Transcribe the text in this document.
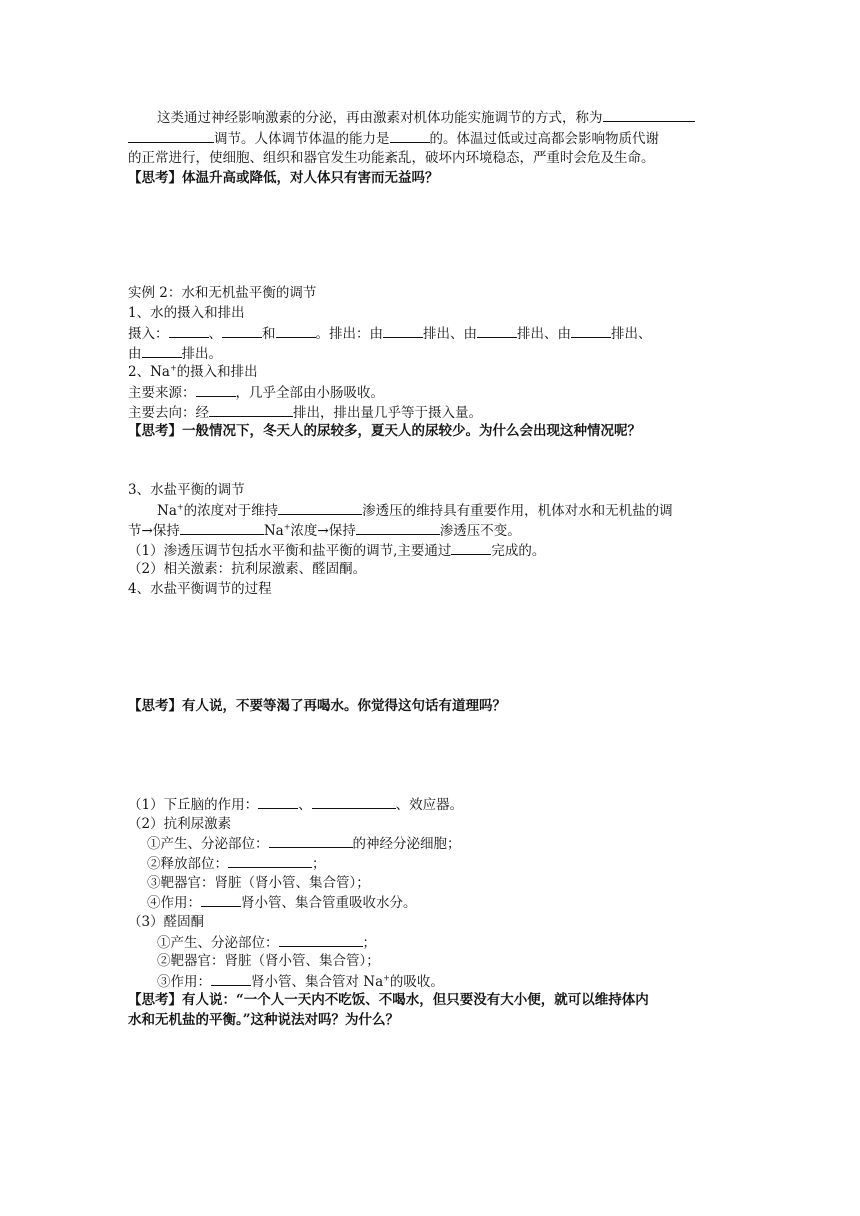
这类通过神经影响激素的分泌，再由激素对机体功能实施调节的方式，称为
调节。人体调节体温的能力是	的。体温过低或过高都会影响物质代谢
的正常进行，使细胞、组织和器官发生功能紊乱，破坏内环境稳态，严重时会危及生命。
【思考】体温升高或降低，对人体只有害而无益吗？
实例 2：水和无机盐平衡的调节
1、水的摄入和排出
摄入：	、	和	。排出：由	排出、由	排出、由	排出、
由	排出。
2、Na+的摄入和排出
主要来源：	，几乎全部由小肠吸收。
主要去向：经	排出，排出量几乎等于摄入量。
【思考】一般情况下，冬天人的尿较多，夏天人的尿较少。为什么会出现这种情况呢？
3、水盐平衡的调节
Na+的浓度对于维持	渗透压的维持具有重要作用，机体对水和无机盐的调
节→保持	Na+浓度→保持	渗透压不变。
（1）渗透压调节包括水平衡和盐平衡的调节,主要通过	完成的。
（2）相关激素：抗利尿激素、醛固酮。
4、水盐平衡调节的过程
【思考】有人说，不要等渴了再喝水。你觉得这句话有道理吗？
（1）下丘脑的作用：	、	、效应器。
（2）抗利尿激素
①产生、分泌部位：	的神经分泌细胞；
②释放部位：	；
③靶器官：肾脏（肾小管、集合管）；
④作用：	肾小管、集合管重吸收水分。
（3）醛固酮
①产生、分泌部位：	；
②靶器官：肾脏（肾小管、集合管）；
③作用：	肾小管、集合管对 Na+的吸收。
【思考】有人说：“一个人一天内不吃饭、不喝水，但只要没有大小便，就可以维持体内
水和无机盐的平衡。”这种说法对吗？为什么？
